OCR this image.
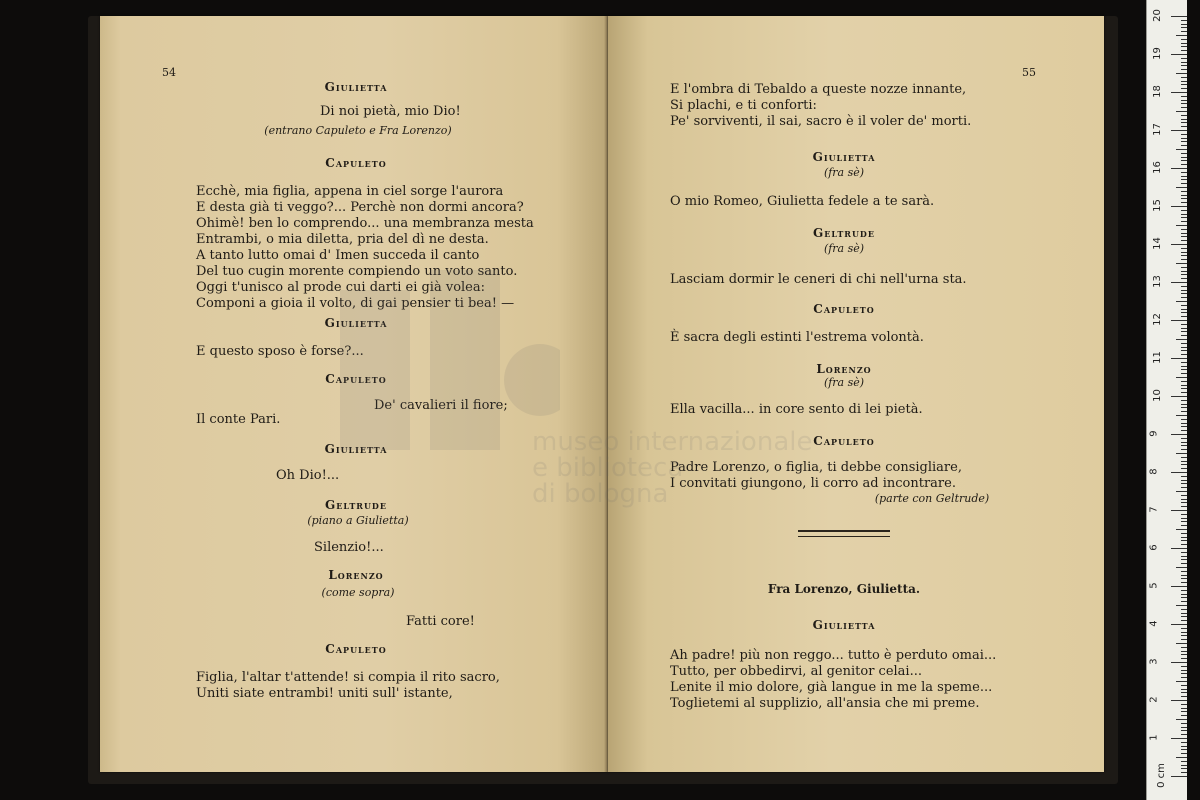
54
Giulietta
Di noi pietà, mio Dio!
(entrano Capuleto e Fra Lorenzo)
Capuleto
Ecchè, mia figlia, appena in ciel sorge l'aurora
E desta già ti veggo?... Perchè non dormi ancora?
Ohimè! ben lo comprendo... una membranza mesta
Entrambi, o mia diletta, pria del dì ne desta.
A tanto lutto omai d' Imen succeda il canto
Del tuo cugin morente compiendo un voto santo.
Oggi t'unisco al prode cui darti ei già volea:
Componi a gioia il volto, di gai pensier ti bea! —
Giulietta
E questo sposo è forse?...
Capuleto
De' cavalieri il fiore;
Il conte Pari.
Giulietta
Oh Dio!...
Geltrude
(piano a Giulietta)
Silenzio!...
Lorenzo
(come sopra)
Fatti core!
Capuleto
Figlia, l'altar t'attende! si compia il rito sacro,
Uniti siate entrambi! uniti sull' istante,
55
E l'ombra di Tebaldo a queste nozze innante,
Si plachi, e ti conforti:
Pe' sorviventi, il sai, sacro è il voler de' morti.
Giulietta
(fra sè)
O mio Romeo, Giulietta fedele a te sarà.
Geltrude
(fra sè)
Lasciam dormir le ceneri di chi nell'urna sta.
Capuleto
È sacra degli estinti l'estrema volontà.
Lorenzo
(fra sè)
Ella vacilla... in core sento di lei pietà.
Capuleto
Padre Lorenzo, o figlia, ti debbe consigliare,
I convitati giungono, li corro ad incontrare.
(parte con Geltrude)
Fra Lorenzo, Giulietta.
Giulietta
Ah padre! più non reggo... tutto è perduto omai...
Tutto, per obbedirvi, al genitor celai...
Lenite il mio dolore, già langue in me la speme...
Toglietemi al supplizio, all'ansia che mi preme.
0 cm
1
2
3
4
5
6
7
8
9
10
11
12
13
14
15
16
17
18
19
20
